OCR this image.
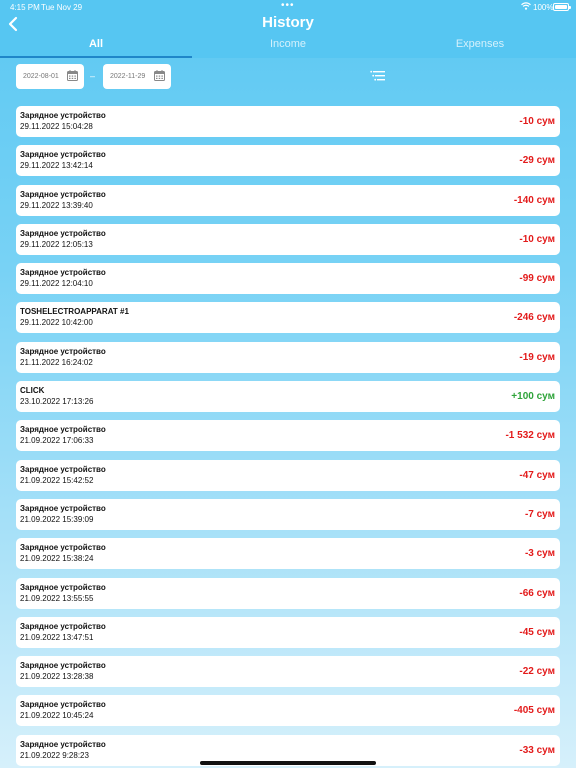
4:15 PM Tue Nov 29	•••	100%
History
All	Income	Expenses
2022-08-01	– 2022-11-29
Зарядное устройство
29.11.2022 15:04:28	-10 сум
Зарядное устройство
29.11.2022 13:42:14	-29 сум
Зарядное устройство
29.11.2022 13:39:40	-140 сум
Зарядное устройство
29.11.2022 12:05:13	-10 сум
Зарядное устройство
29.11.2022 12:04:10	-99 сум
TOSHELECTROAPPARAT #1
29.11.2022 10:42:00	-246 сум
Зарядное устройство
21.11.2022 16:24:02	-19 сум
CLICK
23.10.2022 17:13:26	+100 сум
Зарядное устройство
21.09.2022 17:06:33	-1 532 сум
Зарядное устройство
21.09.2022 15:42:52	-47 сум
Зарядное устройство
21.09.2022 15:39:09	-7 сум
Зарядное устройство
21.09.2022 15:38:24	-3 сум
Зарядное устройство
21.09.2022 13:55:55	-66 сум
Зарядное устройство
21.09.2022 13:47:51	-45 сум
Зарядное устройство
21.09.2022 13:28:38	-22 сум
Зарядное устройство
21.09.2022 10:45:24	-405 сум
Зарядное устройство
21.09.2022 9:28:23	-33 сум
